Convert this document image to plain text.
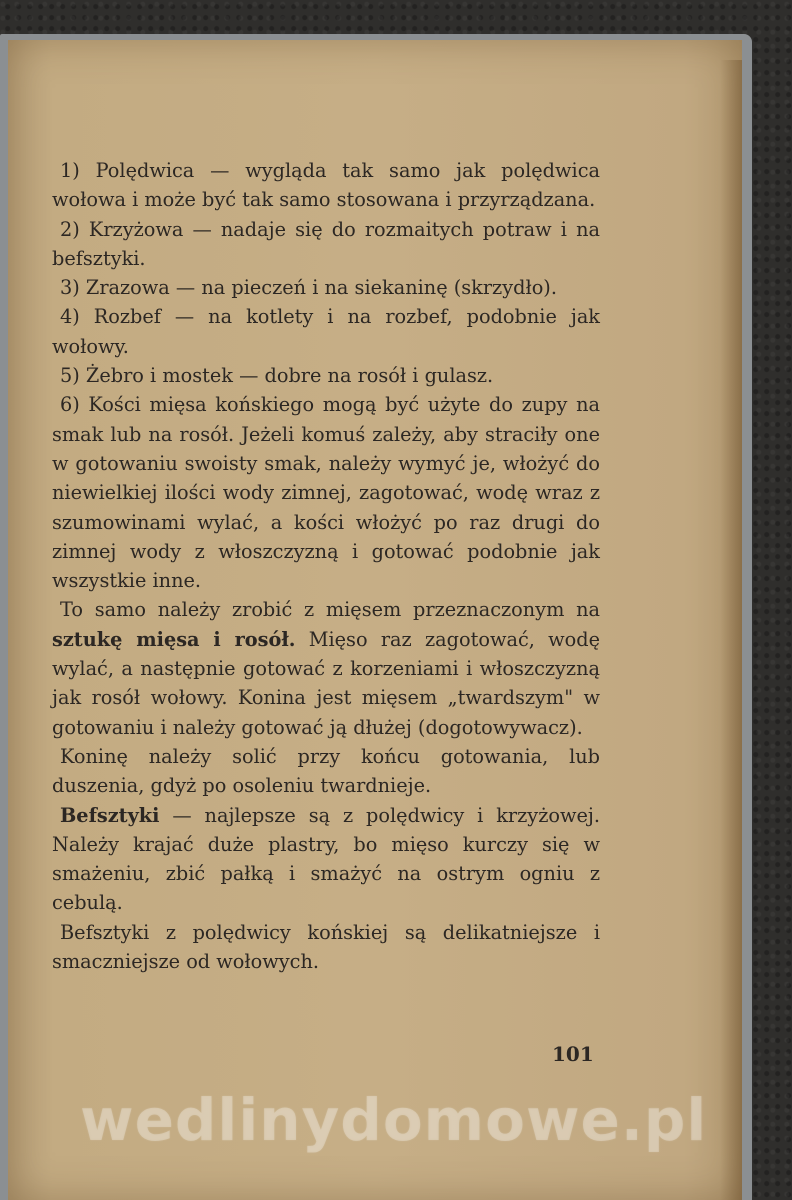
1) Polędwica — wygląda tak samo jak polędwica wołowa i może być tak samo stosowana i przyrządzana.

2) Krzyżowa — nadaje się do rozmaitych potraw i na befsztyki.

3) Zrazowa — na pieczeń i na siekaninę (skrzydło).

4) Rozbef — na kotlety i na rozbef, podobnie jak wołowy.

5) Żebro i mostek — dobre na rosół i gulasz.

6) Kości mięsa końskiego mogą być użyte do zupy na smak lub na rosół. Jeżeli komuś zależy, aby straciły one w gotowaniu swoisty smak, należy wymyć je, włożyć do niewielkiej ilości wody zimnej, zagotować, wodę wraz z szumowinami wylać, a kości włożyć po raz drugi do zimnej wody z włoszczyzną i gotować podobnie jak wszystkie inne.

To samo należy zrobić z mięsem przeznaczonym na sztukę mięsa i rosół. Mięso raz zagotować, wodę wylać, a następnie gotować z korzeniami i włoszczyzną jak rosół wołowy. Konina jest mięsem „twardszym" w gotowaniu i należy gotować ją dłużej (dogotowywacz).

Koninę należy solić przy końcu gotowania, lub duszenia, gdyż po osoleniu twardnieje.

Befsztyki — najlepsze są z polędwicy i krzyżowej. Należy krajać duże plastry, bo mięso kurczy się w smażeniu, zbić pałką i smażyć na ostrym ogniu z cebulą.

Befsztyki z polędwicy końskiej są delikatniejsze i smaczniejsze od wołowych.

101
wedlinydomowe.pl
